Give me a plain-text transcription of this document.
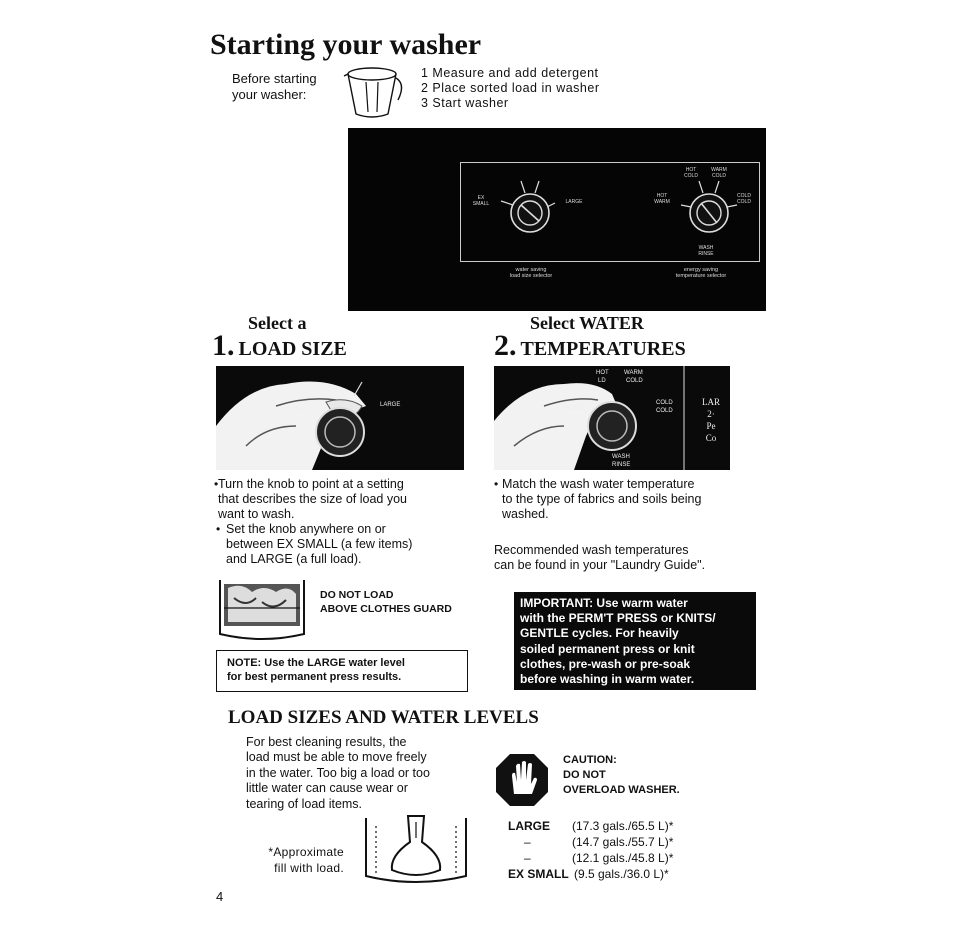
Starting your washer
Before starting
your washer:
1 Measure and add detergent
2 Place sorted load in washer
3 Start washer
EX SMALL	LARGE
water saving
load size selector
HOT COLD
WARM COLD
HOT WARM
COLD COLD
WASH RINSE
energy saving
temperature selector
Select a
1. LOAD SIZE
Select WATER
2. TEMPERATURES
ALL
LARGE
HOT	WARM
LD	COLD
WARM
COLD
COLD
WASH
RINSE
LAR
2·
Pe
Co
Turn the knob to point at a setting
that describes the size of load you
want to wash.
•
Set the knob anywhere on or
between EX SMALL (a few items)
and LARGE (a full load).
•
• Match the wash water temperature
to the type of fabrics and soils being
washed.
Recommended wash temperatures
can be found in your "Laundry Guide".
DO NOT LOAD
ABOVE CLOTHES GUARD
NOTE: Use the LARGE water level
for best permanent press results.
IMPORTANT: Use warm water
with the PERM'T PRESS or KNITS/
GENTLE cycles. For heavily
soiled permanent press or knit
clothes, pre-wash or pre-soak
before washing in warm water.
LOAD SIZES AND WATER LEVELS
For best cleaning results, the
load must be able to move freely
in the water. Too big a load or too
little water can cause wear or
tearing of load items.
*Approximate
fill with load.
CAUTION:
DO NOT
OVERLOAD WASHER.
LARGE (17.3 gals./65.5 L)*
–	(14.7 gals./55.7 L)*
–	(12.1 gals./45.8 L)*
EX SMALL (9.5 gals./36.0 L)*
4
